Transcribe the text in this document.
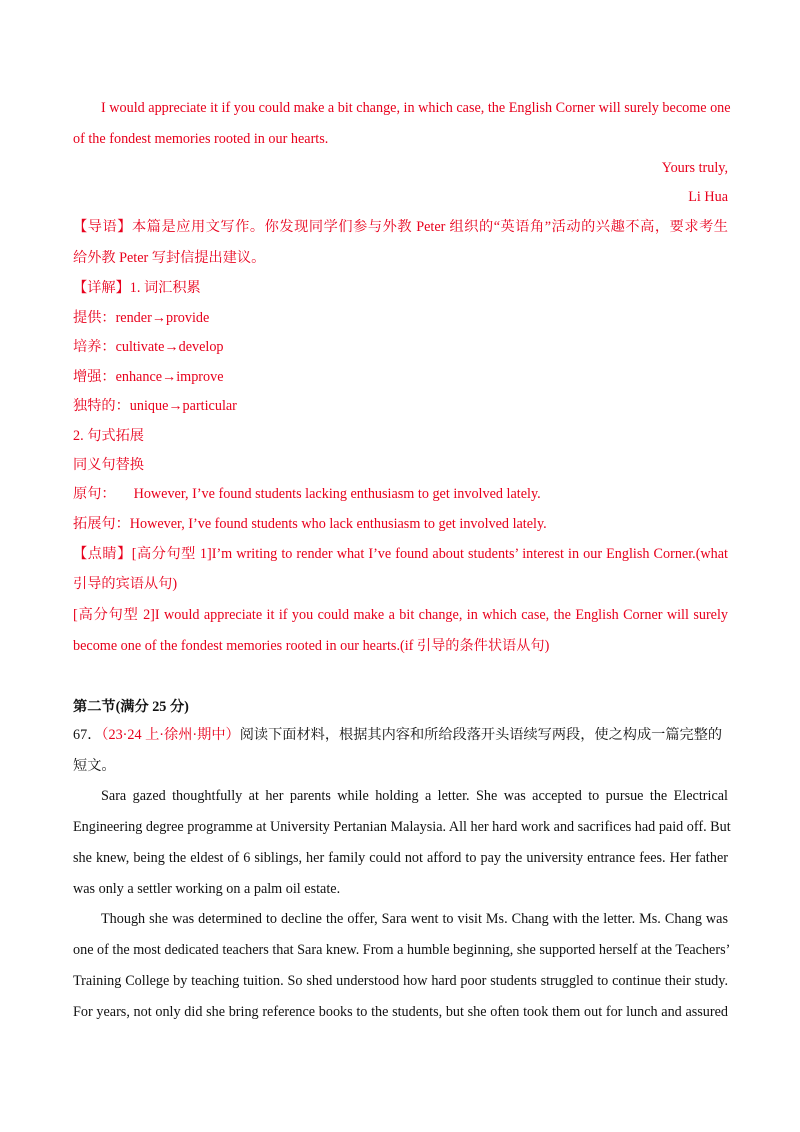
I would appreciate it if you could make a bit change, in which case, the English Corner will surely become one
of the fondest memories rooted in our hearts.
Yours truly,
Li Hua
【导语】本篇是应用文写作。你发现同学们参与外教 Peter 组织的“英语角”活动的兴趣不高，要求考生
给外教 Peter 写封信提出建议。
【详解】1. 词汇积累
提供：render→provide
培养：cultivate→develop
增强：enhance→improve
独特的：unique→particular
2. 句式拓展
同义句替换
原句： However, I’ve found students lacking enthusiasm to get involved lately.
拓展句：However, I’ve found students who lack enthusiasm to get involved lately.
【点睛】[高分句型 1]I’m writing to render what I’ve found about students’ interest in our English Corner.(what
引导的宾语从句)
[高分句型 2]I would appreciate it if you could make a bit change, in which case, the English Corner will surely
become one of the fondest memories rooted in our hearts.(if 引导的条件状语从句)
第二节(满分 25 分)
67．（23·24 上·徐州·期中）阅读下面材料，根据其内容和所给段落开头语续写两段，使之构成一篇完整的
短文。
Sara gazed thoughtfully at her parents while holding a letter. She was accepted to pursue the Electrical
Engineering degree programme at University Pertanian Malaysia. All her hard work and sacrifices had paid off. But
she knew, being the eldest of 6 siblings, her family could not afford to pay the university entrance fees. Her father
was only a settler working on a palm oil estate.
Though she was determined to decline the offer, Sara went to visit Ms. Chang with the letter. Ms. Chang was
one of the most dedicated teachers that Sara knew. From a humble beginning, she supported herself at the Teachers’
Training College by teaching tuition. So shed understood how hard poor students struggled to continue their study.
For years, not only did she bring reference books to the students, but she often took them out for lunch and assured
